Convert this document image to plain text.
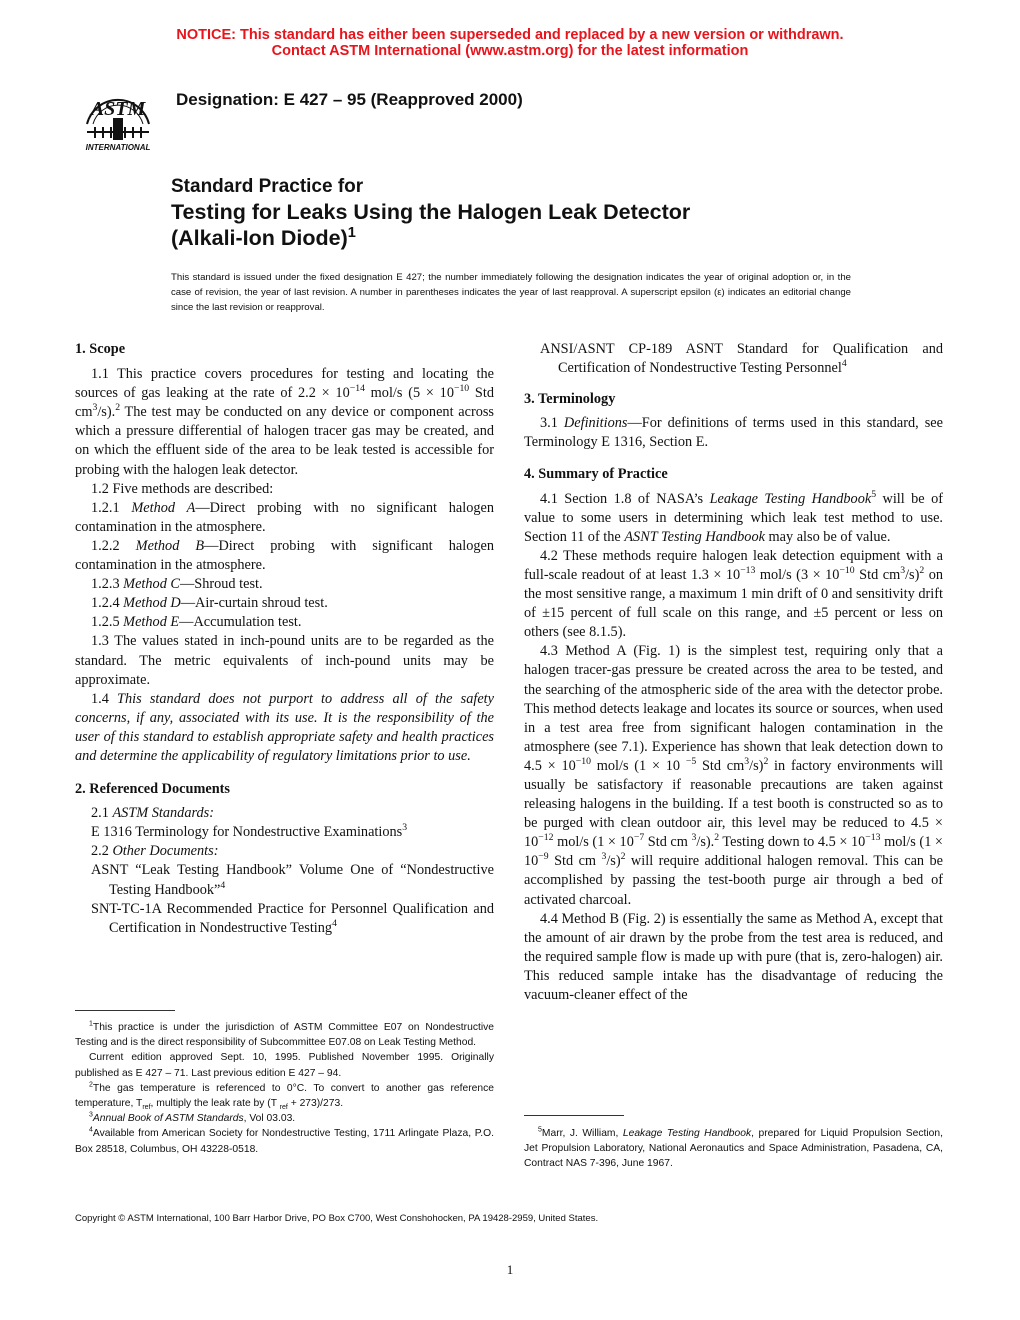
NOTICE: This standard has either been superseded and replaced by a new version or withdrawn.
Contact ASTM International (www.astm.org) for the latest information
ASTM
INTERNATIONAL
Designation: E 427 – 95 (Reapproved 2000)
Standard Practice for
Testing for Leaks Using the Halogen Leak Detector
(Alkali-Ion Diode)$^1$
This standard is issued under the fixed designation E 427; the number immediately following the designation indicates the year of original adoption or, in the case of revision, the year of last revision. A number in parentheses indicates the year of last reapproval. A superscript epsilon (ε) indicates an editorial change since the last revision or reapproval.
1. Scope

1.1 This practice covers procedures for testing and locating the sources of gas leaking at the rate of $2.2 \times 10^{-14}$ mol/s ($5 \times 10^{-10}$ Std $cm^3/s).^2$ The test may be conducted on any device or component across which a pressure differential of halogen tracer gas may be created, and on which the effluent side of the area to be leak tested is accessible for probing with the halogen leak detector.

1.2 Five methods are described:

1.2.1 Method A—Direct probing with no significant halogen contamination in the atmosphere.

1.2.2 Method B—Direct probing with significant halogen contamination in the atmosphere.

1.2.3 Method C—Shroud test.

1.2.4 Method D—Air-curtain shroud test.

1.2.5 Method E—Accumulation test.

1.3 The values stated in inch-pound units are to be regarded as the standard. The metric equivalents of inch-pound units may be approximate.

1.4 This standard does not purport to address all of the safety concerns, if any, associated with its use. It is the responsibility of the user of this standard to establish appropriate safety and health practices and determine the applicability of regulatory limitations prior to use.

2. Referenced Documents

2.1 ASTM Standards:

E 1316 Terminology for Nondestructive Examinations$^3$

2.2 Other Documents:

ASNT “Leak Testing Handbook” Volume One of “Nondestructive Testing Handbook”$^4$

SNT-TC-1A Recommended Practice for Personnel Qualification and Certification in Nondestructive Testing$^4$

$^1$This practice is under the jurisdiction of ASTM Committee E07 on Nondestructive Testing and is the direct responsibility of Subcommittee E07.08 on Leak Testing Method.

Current edition approved Sept. 10, 1995. Published November 1995. Originally published as E 427 – 71. Last previous edition E 427 – 94.

$^2$The gas temperature is referenced to 0°C. To convert to another gas reference temperature, $T_{ref}$, multiply the leak rate by (T $_{ref}$ + 273)/273.

$^3$Annual Book of ASTM Standards, Vol 03.03.

$^4$Available from American Society for Nondestructive Testing, 1711 Arlingate Plaza, P.O. Box 28518, Columbus, OH 43228-0518.

ANSI/ASNT CP-189 ASNT Standard for Qualification and Certification of Nondestructive Testing Personnel$^4$

3. Terminology

3.1 Definitions—For definitions of terms used in this standard, see Terminology E 1316, Section E.

4. Summary of Practice

4.1 Section 1.8 of NASA’s Leakage Testing Handbook$^5$ will be of value to some users in determining which leak test method to use. Section 11 of the ASNT Testing Handbook may also be of value.

4.2 These methods require halogen leak detection equipment with a full-scale readout of at least $1.3 \times 10^{-13}$ mol/s ($3 \times 10^{-10}$ Std $cm^3/s)^2$ on the most sensitive range, a maximum 1 min drift of 0 and sensitivity drift of ±15 percent of full scale on this range, and ±5 percent or less on others (see 8.1.5).

4.3 Method A (Fig. 1) is the simplest test, requiring only that a halogen tracer-gas pressure be created across the area to be tested, and the searching of the atmospheric side of the area with the detector probe. This method detects leakage and locates its source or sources, when used in a test area free from significant halogen contamination in the atmosphere (see 7.1). Experience has shown that leak detection down to $4.5 \times 10^{-10}$ mol/s (1 × 10 $^{-5}$ Std $cm^3/s)^2$ in factory environments will usually be satisfactory if reasonable precautions are taken against releasing halogens in the building. If a test booth is constructed so as to be purged with clean outdoor air, this level may be reduced to $4.5 \times 10^{-12}$ mol/s ($1 \times 10^{-7}$ Std cm $^3$/s).$^2$ Testing down to $4.5 \times 10^{-13}$ mol/s ($1 \times 10^{-9}$ Std cm $^3$/s)$^2$ will require additional halogen removal. This can be accomplished by passing the test-booth purge air through a bed of activated charcoal.

4.4 Method B (Fig. 2) is essentially the same as Method A, except that the amount of air drawn by the probe from the test area is reduced, and the required sample flow is made up with pure (that is, zero-halogen) air. This reduced sample intake has the disadvantage of reducing the vacuum-cleaner effect of the

$^5$Marr, J. William, Leakage Testing Handbook, prepared for Liquid Propulsion Section, Jet Propulsion Laboratory, National Aeronautics and Space Administration, Pasadena, CA, Contract NAS 7-396, June 1967.

Copyright © ASTM International, 100 Barr Harbor Drive, PO Box C700, West Conshohocken, PA 19428-2959, United States.
1
